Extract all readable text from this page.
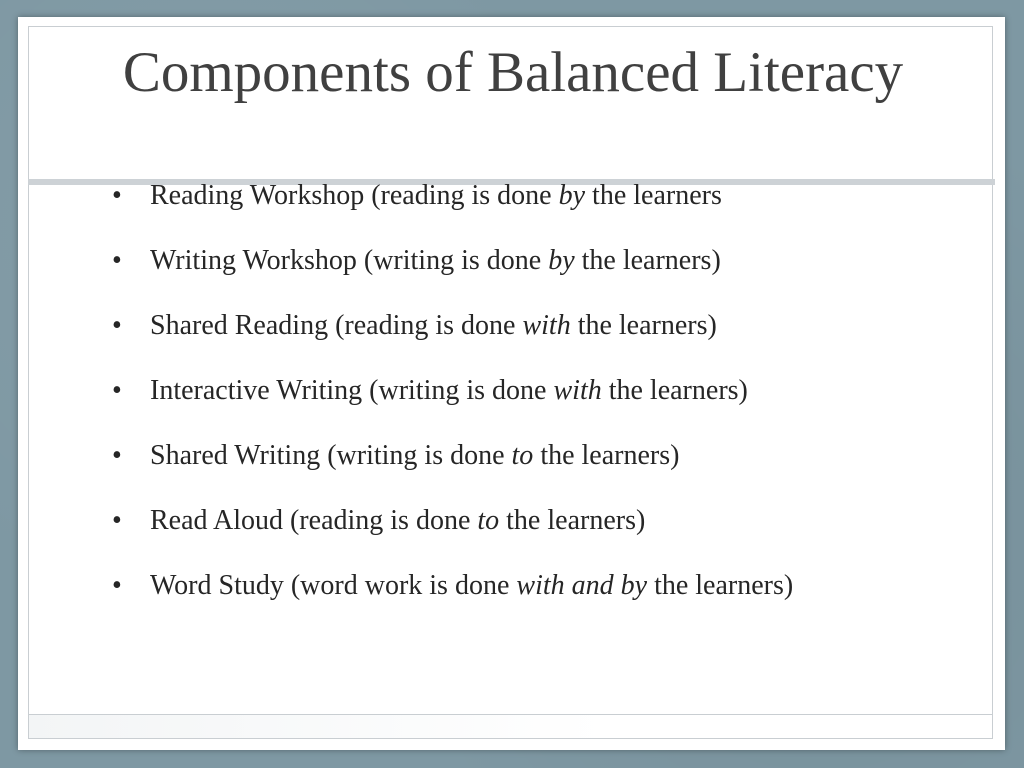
Components of Balanced Literacy
•	Reading Workshop (reading is done by the learners
•	Writing Workshop (writing is done by the learners)
•	Shared Reading (reading is done with the learners)
•	Interactive Writing (writing is done with the learners)
•	Shared Writing (writing is done to the learners)
•	Read Aloud (reading is done to the learners)
•	Word Study (word work is done with and by the learners)
